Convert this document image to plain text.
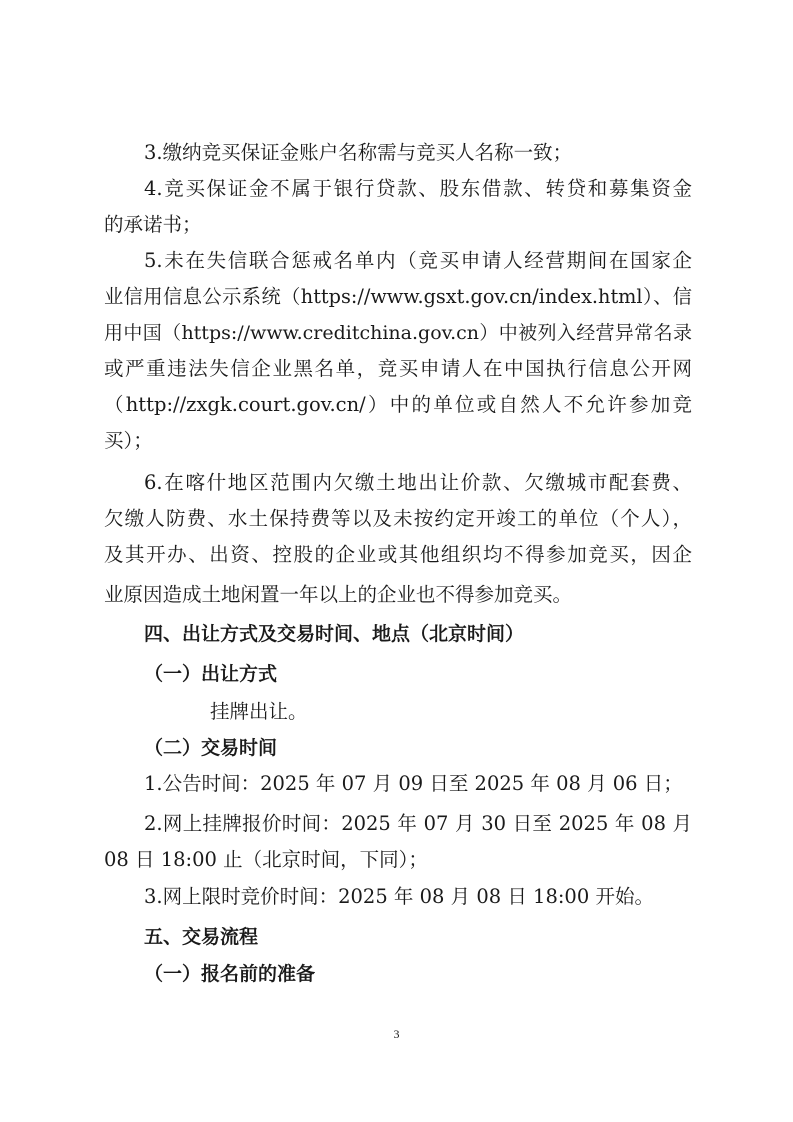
3.缴纳竞买保证金账户名称需与竞买人名称一致；
4.竞买保证金不属于银行贷款、股东借款、转贷和募集资金
的承诺书；
5.未在失信联合惩戒名单内（竞买申请人经营期间在国家企
业信用信息公示系统（https://www.gsxt.gov.cn/index.html）、信
用中国（https://www.creditchina.gov.cn）中被列入经营异常名录
或严重违法失信企业黑名单，竞买申请人在中国执行信息公开网
（http://zxgk.court.gov.cn/）中的单位或自然人不允许参加竞
买）；
6.在喀什地区范围内欠缴土地出让价款、欠缴城市配套费、
欠缴人防费、水土保持费等以及未按约定开竣工的单位（个人），
及其开办、出资、控股的企业或其他组织均不得参加竞买，因企
业原因造成土地闲置一年以上的企业也不得参加竞买。
四、出让方式及交易时间、地点（北京时间）
（一）出让方式
挂牌出让。
（二）交易时间
1.公告时间：2025 年 07 月 09 日至 2025 年 08 月 06 日；
2.网上挂牌报价时间：2025 年 07 月 30 日至 2025 年 08 月
08 日 18:00 止（北京时间，下同）；
3.网上限时竞价时间：2025 年 08 月 08 日 18:00 开始。
五、交易流程
（一）报名前的准备
3
